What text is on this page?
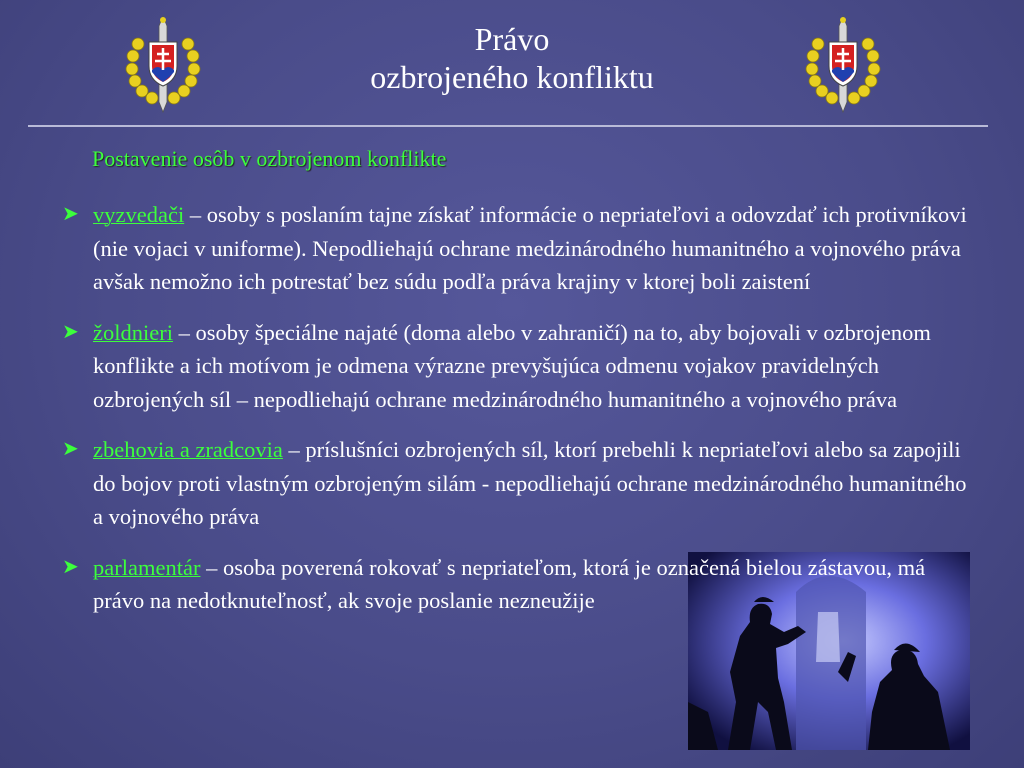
Právo
ozbrojeného konfliktu
Postavenie osôb v ozbrojenom konflikte
➤ vyzvedači – osoby s poslaním tajne získať informácie o nepriateľovi a odovzdať ich protivníkovi (nie vojaci v uniforme). Nepodliehajú ochrane medzinárodného humanitného a vojnového práva avšak nemožno ich potrestať bez súdu podľa práva krajiny v ktorej boli zaistení
➤ žoldnieri – osoby špeciálne najaté (doma alebo v zahraničí) na to, aby bojovali v ozbrojenom konflikte a ich motívom je odmena výrazne prevyšujúca odmenu vojakov pravidelných ozbrojených síl – nepodliehajú ochrane medzinárodného humanitného a vojnového práva
➤ zbehovia a zradcovia – príslušníci ozbrojených síl, ktorí prebehli k nepriateľovi alebo sa zapojili do bojov proti vlastným ozbrojeným silám - nepodliehajú ochrane medzinárodného humanitného a vojnového práva
➤ parlamentár – osoba poverená rokovať s nepriateľom, ktorá je označená bielou zástavou, má právo na nedotknuteľnosť, ak svoje poslanie nezneužije
